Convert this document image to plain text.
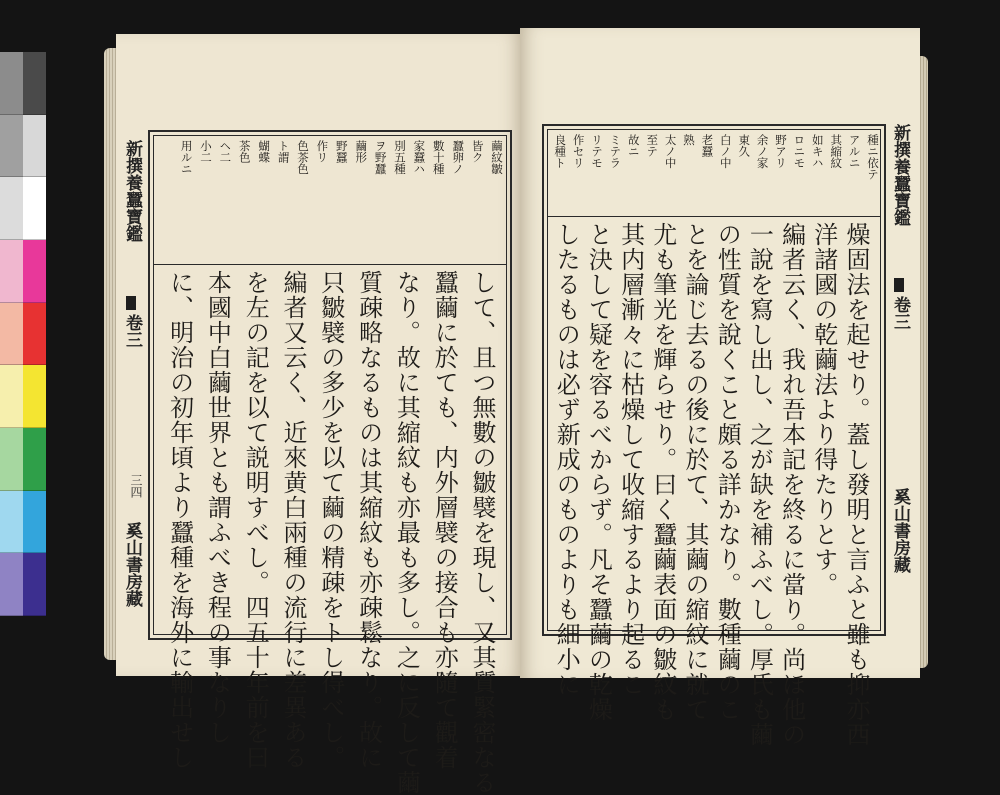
新撰養蠶寶鑑
卷三
三四
奚山書房藏
繭紋皺
皆ク
蠶卵ノ
數十種
家蠶ハ
別五種
ヲ野蠶
繭形
野蠶
作リ
色茶色
ト謂
蝴蝶
茶色
ヘ二
小二
用ルニ
して、且つ無數の皺襞を現し、又其質緊密なる
蠶繭に於ても、内外層襞の接合も亦隨て觀着
なり。故に其縮紋も亦最も多し。之に反して繭
質疎略なるものは其縮紋も亦疎鬆なり。故に
只皺襞の多少を以て繭の精疎をトし得べし。
編者又云く、近來黄白兩種の流行に差異ある
を左の記を以て説明すべし。四五十年前を曰
本國中白繭世界とも謂ふべき程の事なりし
に、明治の初年頃より蠶種を海外に輸出せし
種ニ依テ
アルニ
其縮紋
如キハ
ロニモ
野アリ
余ノ家
東久
白ノ中
老蠶
熟
太ノ中
至テ
故ニ
ミテラ
リテモ
作セリ
良種ト
燥固法を起せり。蓋し發明と言ふと雖も抑亦西
洋諸國の乾繭法より得たりとす。
編者云く、我れ吾本記を終るに當り。尚ほ他の
一說を寫し出し、之が缺を補ふべし。厚氏も繭
の性質を說くこと頗る詳かなり。數種繭のこ
とを論じ去るの後に於て、其繭の縮紋に就て
尤も筆光を輝らせり。曰く蠶繭表面の皺紋も
其内層漸々に枯燥して收縮するより起るこ
と決して疑を容るべからず。凡そ蠶繭の乾燥
したるものは必ず新成のものよりも細小に
新撰養蠶寶鑑
卷三
奚山書房藏
